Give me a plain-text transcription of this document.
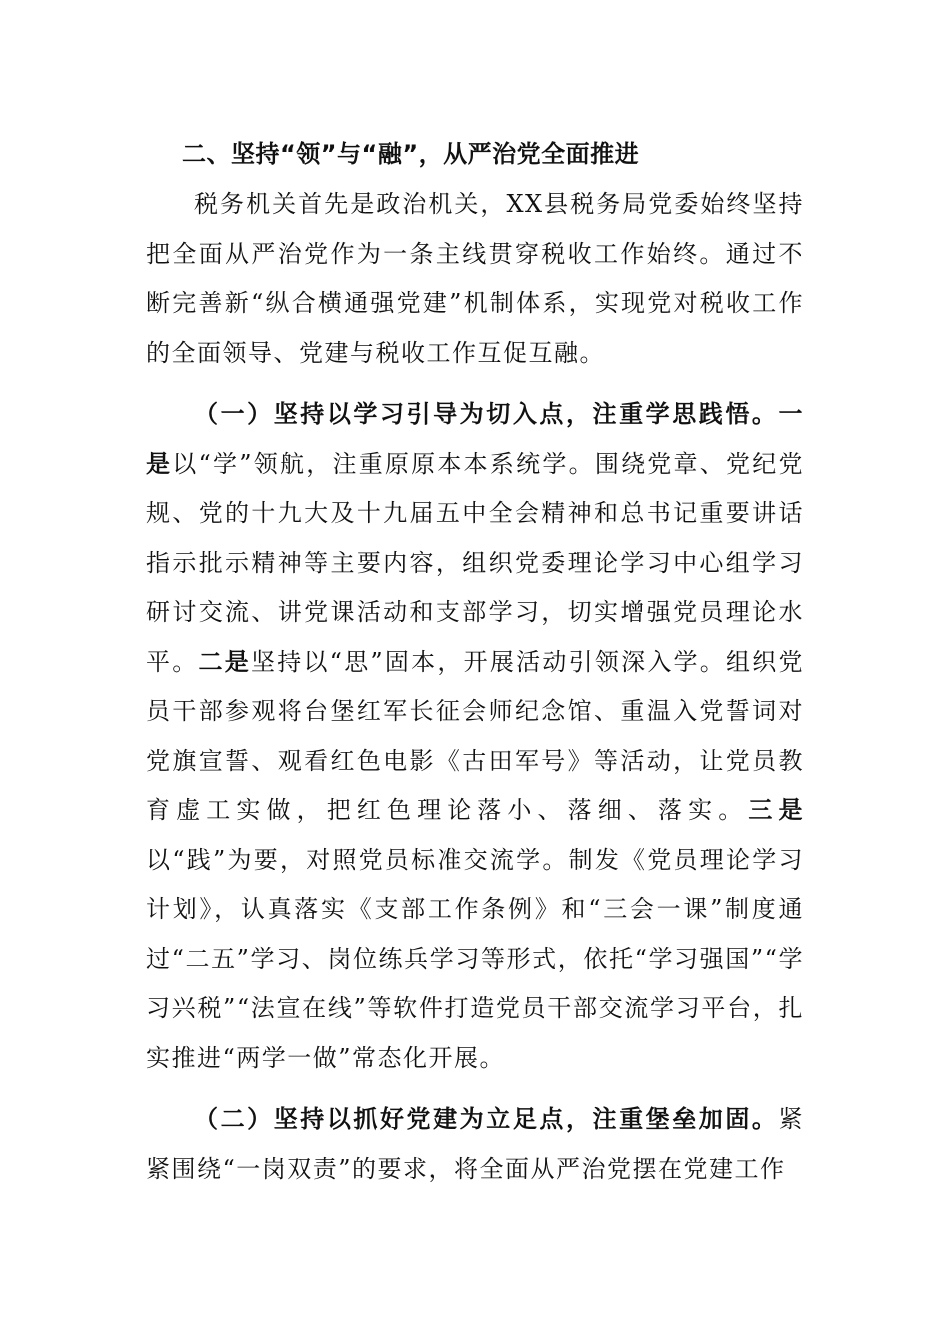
二、坚持“领”与“融”，从严治党全面推进

税务机关首先是政治机关，XX县税务局党委始终坚持把全面从严治党作为一条主线贯穿税收工作始终。通过不断完善新“纵合横通强党建”机制体系，实现党对税收工作的全面领导、党建与税收工作互促互融。

（一）坚持以学习引导为切入点，注重学思践悟。一是以“学”领航，注重原原本本系统学。围绕党章、党纪党规、党的十九大及十九届五中全会精神和总书记重要讲话指示批示精神等主要内容，组织党委理论学习中心组学习研讨交流、讲党课活动和支部学习，切实增强党员理论水平。二是坚持以“思”固本，开展活动引领深入学。组织党员干部参观将台堡红军长征会师纪念馆、重温入党誓词对党旗宣誓、观看红色电影《古田军号》等活动，让党员教育虚工实做，把红色理论落小、落细、落实。三是以“践”为要，对照党员标准交流学。制发《党员理论学习计划》，认真落实《支部工作条例》和“三会一课”制度通过“二五”学习、岗位练兵学习等形式，依托“学习强国”“学习兴税”“法宣在线”等软件打造党员干部交流学习平台，扎实推进“两学一做”常态化开展。

（二）坚持以抓好党建为立足点，注重堡垒加固。紧紧围绕“一岗双责”的要求，将全面从严治党摆在党建工作
